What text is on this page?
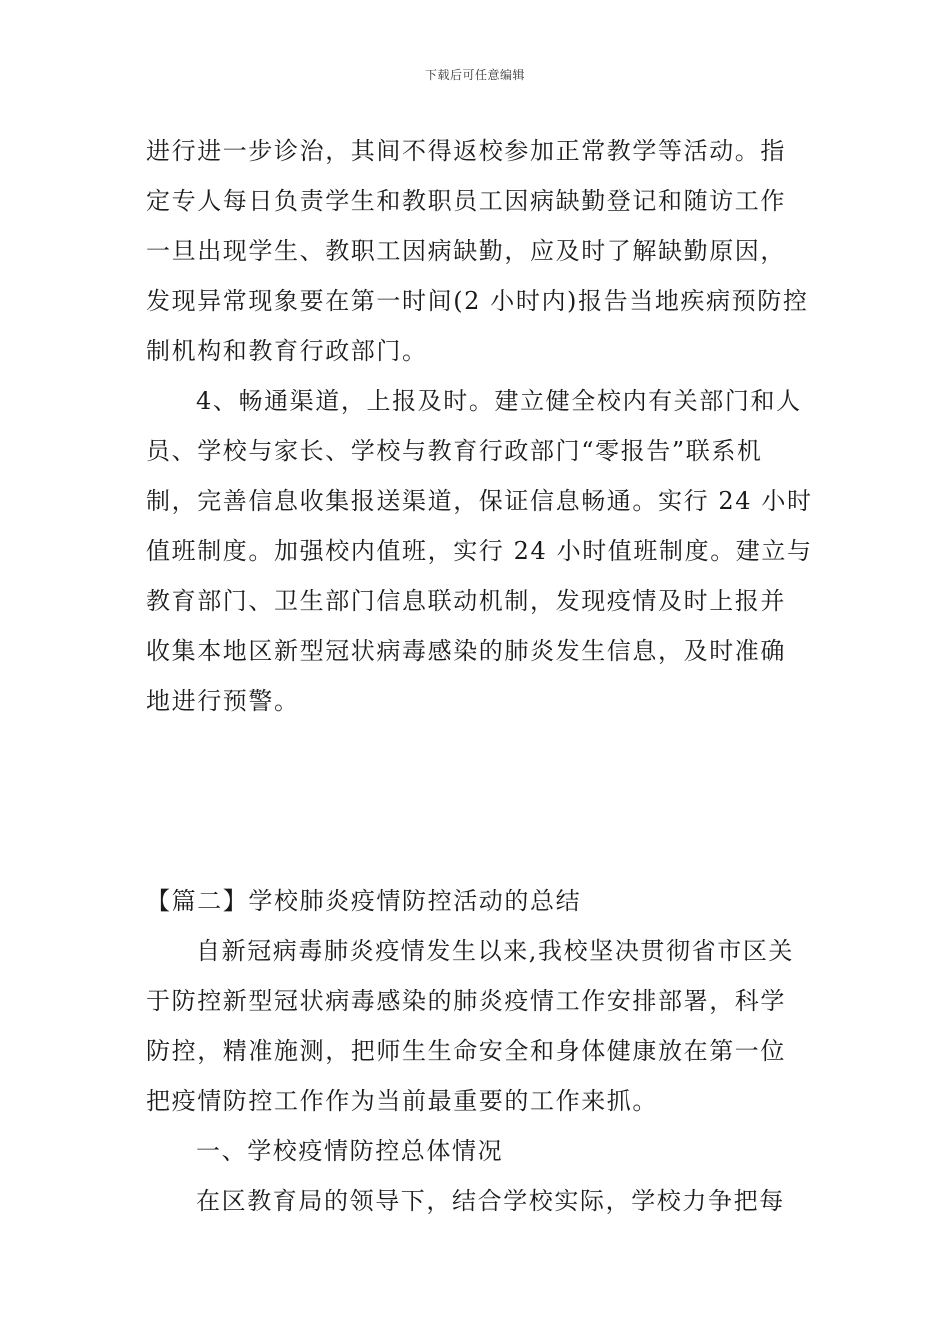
下载后可任意编辑
进行进一步诊治，其间不得返校参加正常教学等活动。指
定专人每日负责学生和教职员工因病缺勤登记和随访工作
一旦出现学生、教职工因病缺勤，应及时了解缺勤原因，
发现异常现象要在第一时间(2 小时内)报告当地疾病预防控
制机构和教育行政部门。
4、畅通渠道，上报及时。建立健全校内有关部门和人
员、学校与家长、学校与教育行政部门“零报告”联系机
制，完善信息收集报送渠道，保证信息畅通。实行 24 小时
值班制度。加强校内值班，实行 24 小时值班制度。建立与
教育部门、卫生部门信息联动机制，发现疫情及时上报并
收集本地区新型冠状病毒感染的肺炎发生信息，及时准确
地进行预警。
【篇二】学校肺炎疫情防控活动的总结
自新冠病毒肺炎疫情发生以来,我校坚决贯彻省市区关
于防控新型冠状病毒感染的肺炎疫情工作安排部署，科学
防控，精准施测，把师生生命安全和身体健康放在第一位
把疫情防控工作作为当前最重要的工作来抓。
一、学校疫情防控总体情况
在区教育局的领导下，结合学校实际，学校力争把每
